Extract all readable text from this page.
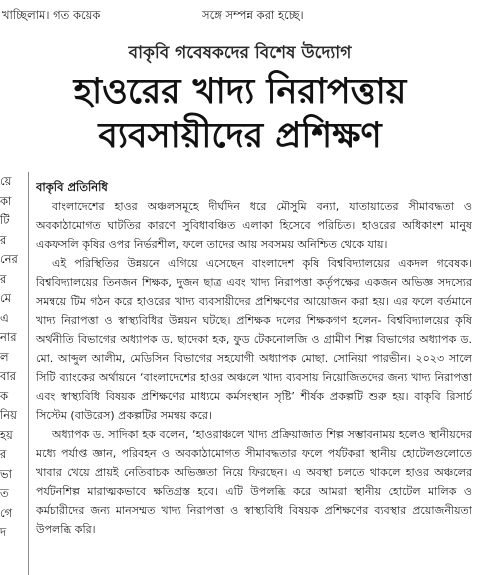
খাচ্ছিলাম। গত কয়েক	সঙ্গে সম্পন্ন করা হচ্ছে।
বাকৃবি গবেষকদের বিশেষ উদ্যোগ
হাওরের খাদ্য নিরাপত্তায়
ব্যবসায়ীদের প্রশিক্ষণ
য়ে
কা
টি
র
নের
র
মে
এ
নার
ল
বার
ক
নিয়
হয়
র
ভা
ত
গে
দ
বাকৃবি প্রতিনিধি

বাংলাদেশের হাওর অঞ্চলসমূহে দীর্ঘদিন ধরে মৌসুমি বন্যা, যাতায়াতের সীমাবদ্ধতা ও অবকাঠামোগত ঘাটতির কারণে সুবিধাবঞ্চিত এলাকা হিসেবে পরিচিত। হাওরের অধিকাংশ মানুষ একফসলি কৃষির ওপর নির্ভরশীল, ফলে তাদের আয় সবসময় অনিশ্চিত থেকে যায়।

এই পরিস্থিতির উন্নয়নে এগিয়ে এসেছেন বাংলাদেশ কৃষি বিশ্ববিদ্যালয়ের একদল গবেষক। বিশ্ববিদ্যালয়ের তিনজন শিক্ষক, দুজন ছাত্র এবং খাদ্য নিরাপত্তা কর্তৃপক্ষের একজন অভিজ্ঞ সদস্যের সমন্বয়ে টিম গঠন করে হাওরের খাদ্য ব্যবসায়ীদের প্রশিক্ষণের আয়োজন করা হয়। এর ফলে বর্তমানে খাদ্য নিরাপত্তা ও স্বাস্থ্যবিধির উন্নয়ন ঘটছে। প্রশিক্ষক দলের শিক্ষকগণ হলেন- বিশ্ববিদ্যালয়ের কৃষি অর্থনীতি বিভাগের অধ্যাপক ড. ছাদেকা হক, ফুড টেকনোলজি ও গ্রামীণ শিল্প বিভাগের অধ্যাপক ড. মো. আব্দুল আলীম, মেডিসিন বিভাগের সহযোগী অধ্যাপক মোছা. সোনিয়া পারভীন। ২০২৩ সালে সিটি ব্যাংকের অর্থায়নে ‘বাংলাদেশের হাওর অঞ্চলে খাদ্য ব্যবসায় নিয়োজিতদের জন্য খাদ্য নিরাপত্তা এবং স্বাস্থ্যবিধি বিষয়ক প্রশিক্ষণের মাধ্যমে কর্মসংস্থান সৃষ্টি’ শীর্ষক প্রকল্পটি শুরু হয়। বাকৃবি রিসার্চ সিস্টেম (বাউরেস) প্রকল্পটির সমন্বয় করে।

অধ্যাপক ড. সাদিকা হক বলেন, ‘হাওরাঞ্চলে খাদ্য প্রক্রিয়াজাত শিল্প সম্ভাবনাময় হলেও স্থানীয়দের মধ্যে পর্যাপ্ত জ্ঞান, পরিবহন ও অবকাঠামোগত সীমাবদ্ধতার ফলে পর্যটকরা স্থানীয় হোটেলগুলোতে খাবার খেয়ে প্রায়ই নেতিবাচক অভিজ্ঞতা নিয়ে ফিরছেন। এ অবস্থা চলতে থাকলে হাওর অঞ্চলের পর্যটনশিল্প মারাত্মকভাবে ক্ষতিগ্রস্ত হবে। এটি উপলব্ধি করে আমরা স্থানীয় হোটেল মালিক ও কর্মচারীদের জন্য মানসম্মত খাদ্য নিরাপত্তা ও স্বাস্থ্যবিধি বিষয়ক প্রশিক্ষণের ব্যবস্থার প্রয়োজনীয়তা উপলব্ধি করি।
